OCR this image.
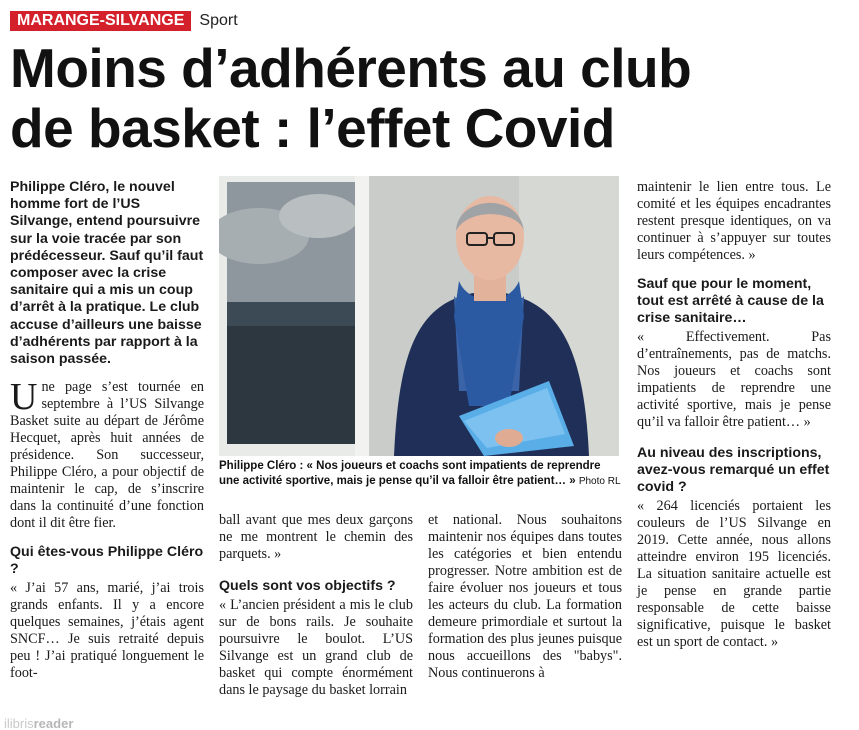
MARANGE-SILVANGE Sport
Moins d’adhérents au club
de basket : l’effet Covid

Philippe Cléro, le nouvel homme fort de l’US Silvange, entend poursuivre sur la voie tracée par son prédécesseur. Sauf qu’il faut composer avec la crise sanitaire qui a mis un coup d’arrêt à la pratique. Le club accuse d’ailleurs une baisse d’adhérents par rapport à la saison passée.

Une page s’est tournée en septembre à l’US Silvange Basket suite au départ de Jérôme Hecquet, après huit années de présidence. Son successeur, Philippe Cléro, a pour objectif de maintenir le cap, de s’inscrire dans la continuité d’une fonction dont il dit être fier.

Qui êtes-vous Philippe Cléro ?

« J’ai 57 ans, marié, j’ai trois grands enfants. Il y a encore quelques semaines, j’étais agent SNCF… Je suis retraité depuis peu ! J’ai pratiqué longuement le foot-

Philippe Cléro : « Nos joueurs et coachs sont impatients de reprendre une activité sportive, mais je pense qu’il va falloir être patient… » Photo RL

ball avant que mes deux garçons ne me montrent le chemin des parquets. »

Quels sont vos objectifs ?

« L’ancien président a mis le club sur de bons rails. Je souhaite poursuivre le boulot. L’US Silvange est un grand club de basket qui compte énormément dans le paysage du basket lorrain

et national. Nous souhaitons maintenir nos équipes dans toutes les catégories et bien entendu progresser. Notre ambition est de faire évoluer nos joueurs et tous les acteurs du club. La formation demeure primordiale et surtout la formation des plus jeunes puisque nous accueillons des "babys". Nous continuerons à

maintenir le lien entre tous. Le comité et les équipes encadrantes restent presque identiques, on va continuer à s’appuyer sur toutes leurs compétences. »

Sauf que pour le moment, tout est arrêté à cause de la crise sanitaire…

« Effectivement. Pas d’entraînements, pas de matchs. Nos joueurs et coachs sont impatients de reprendre une activité sportive, mais je pense qu’il va falloir être patient… »

Au niveau des inscriptions, avez-vous remarqué un effet covid ?

« 264 licenciés portaient les couleurs de l’US Silvange en 2019. Cette année, nous allons atteindre environ 195 licenciés. La situation sanitaire actuelle est je pense en grande partie responsable de cette baisse significative, puisque le basket est un sport de contact. »

ilibrisreader
